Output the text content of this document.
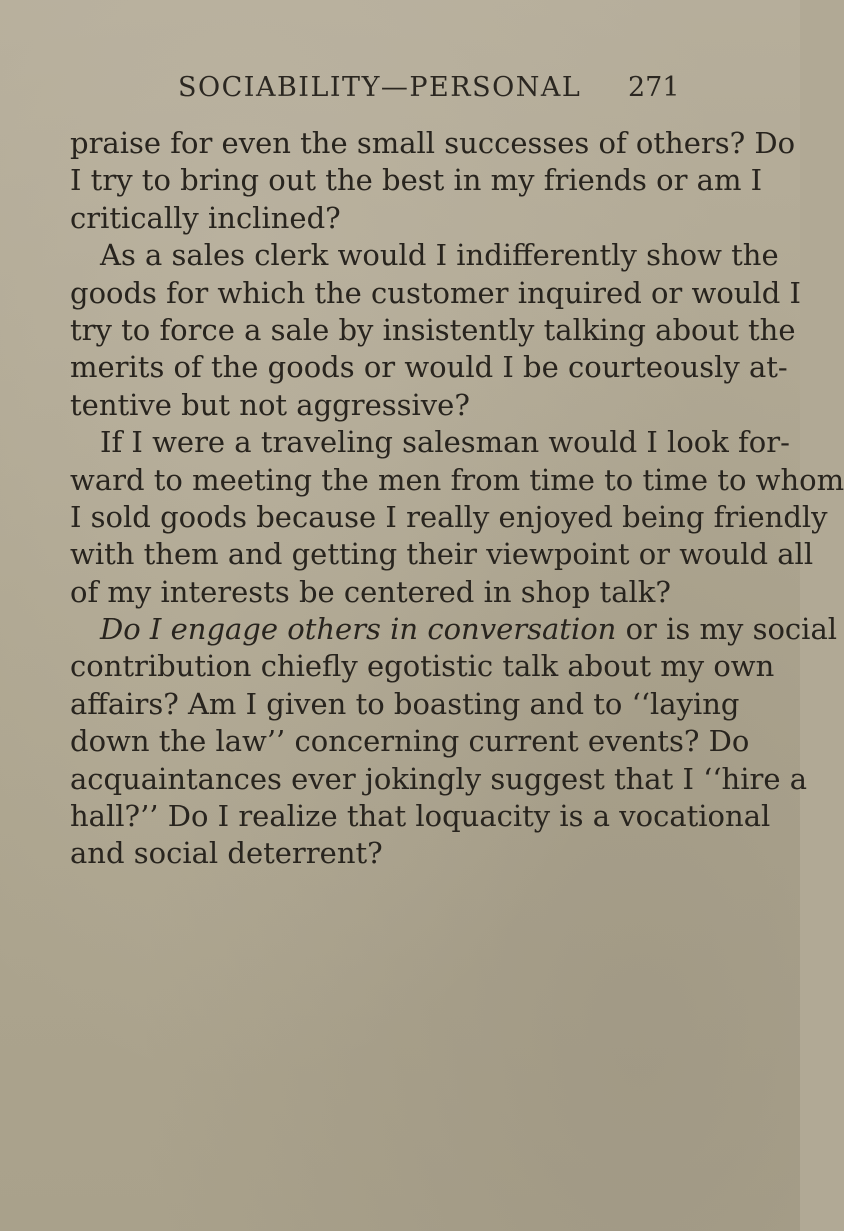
SOCIABILITY—PERSONAL 271
praise for even the small successes of others? Do
I try to bring out the best in my friends or am I
critically inclined?
As a sales clerk would I indifferently show the
goods for which the customer inquired or would I
try to force a sale by insistently talking about the
merits of the goods or would I be courteously at-
tentive but not aggressive?
If I were a traveling salesman would I look for-
ward to meeting the men from time to time to whom
I sold goods because I really enjoyed being friendly
with them and getting their viewpoint or would all
of my interests be centered in shop talk?
Do I engage others in conversation or is my social
contribution chiefly egotistic talk about my own
affairs? Am I given to boasting and to ‘‘laying
down the law’’ concerning current events? Do
acquaintances ever jokingly suggest that I ‘‘hire a
hall?’’ Do I realize that loquacity is a vocational
and social deterrent?
